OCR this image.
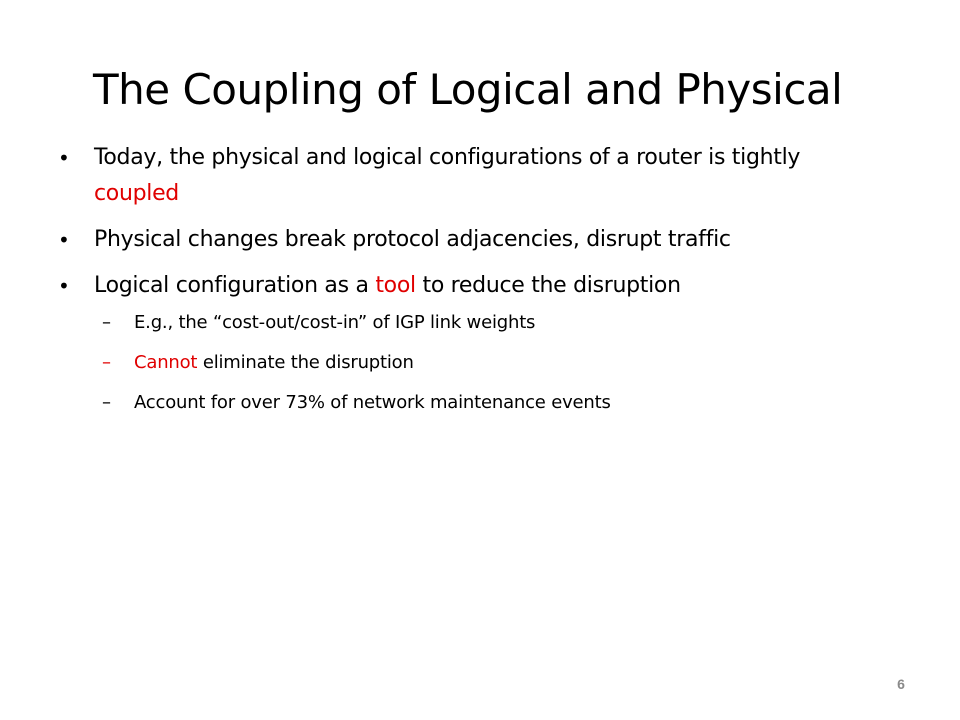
The Coupling of Logical and Physical
•	Today, the physical and logical configurations of a router is tightly
coupled
•	Physical changes break protocol adjacencies, disrupt traffic
•	Logical configuration as a tool to reduce the disruption
–	E.g., the “cost-out/cost-in” of IGP link weights
–	Cannot eliminate the disruption
–	Account for over 73% of network maintenance events
6
